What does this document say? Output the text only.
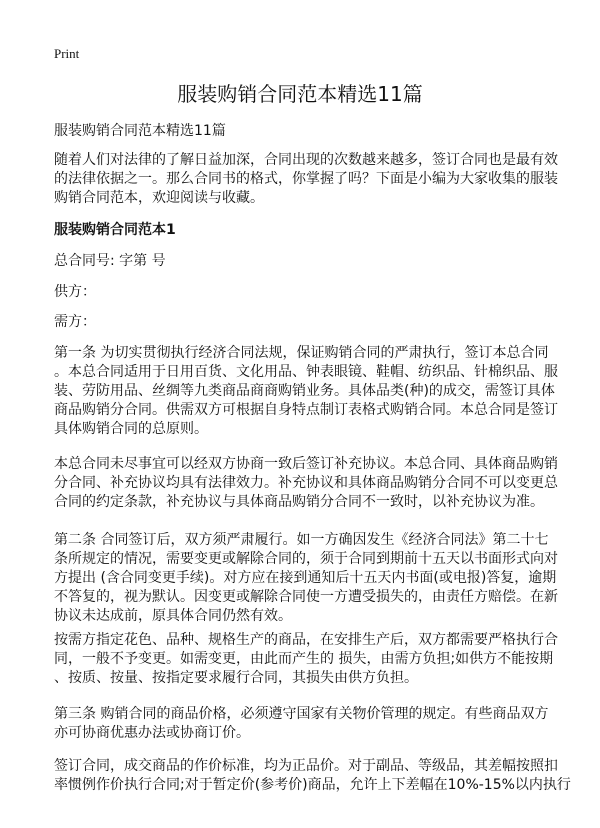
Print
服装购销合同范本精选11篇
服装购销合同范本精选11篇
随着人们对法律的了解日益加深，合同出现的次数越来越多，签订合同也是最有效
的法律依据之一。那么合同书的格式，你掌握了吗？下面是小编为大家收集的服装
购销合同范本，欢迎阅读与收藏。
服装购销合同范本1
总合同号: 字第 号
供方：
需方：
第一条 为切实贯彻执行经济合同法规，保证购销合同的严肃执行，签订本总合同
。本总合同适用于日用百货、文化用品、钟表眼镜、鞋帽、纺织品、针棉织品、服
装、劳防用品、丝绸等九类商品商商购销业务。具体品类(种)的成交，需签订具体
商品购销分合同。供需双方可根据自身特点制订表格式购销合同。本总合同是签订
具体购销合同的总原则。
本总合同未尽事宜可以经双方协商一致后签订补充协议。本总合同、具体商品购销
分合同、补充协议均具有法律效力。补充协议和具体商品购销分合同不可以变更总
合同的约定条款，补充协议与具体商品购销分合同不一致时，以补充协议为准。
第二条 合同签订后，双方须严肃履行。如一方确因发生《经济合同法》第二十七
条所规定的情况，需要变更或解除合同的，须于合同到期前十五天以书面形式向对
方提出 (含合同变更手续)。对方应在接到通知后十五天内书面(或电报)答复，逾期
不答复的，视为默认。因变更或解除合同使一方遭受损失的，由责任方赔偿。在新
协议未达成前，原具体合同仍然有效。
按需方指定花色、品种、规格生产的商品，在安排生产后，双方都需要严格执行合
同，一般不予变更。如需变更，由此而产生的 损失，由需方负担;如供方不能按期
、按质、按量、按指定要求履行合同，其损失由供方负担。
第三条 购销合同的商品价格，必须遵守国家有关物价管理的规定。有些商品双方
亦可协商优惠办法或协商订价。
签订合同，成交商品的作价标准，均为正品价。对于副品、等级品，其差幅按照扣
率惯例作价执行合同;对于暂定价(参考价)商品，允许上下差幅在10%-15%以内执行
